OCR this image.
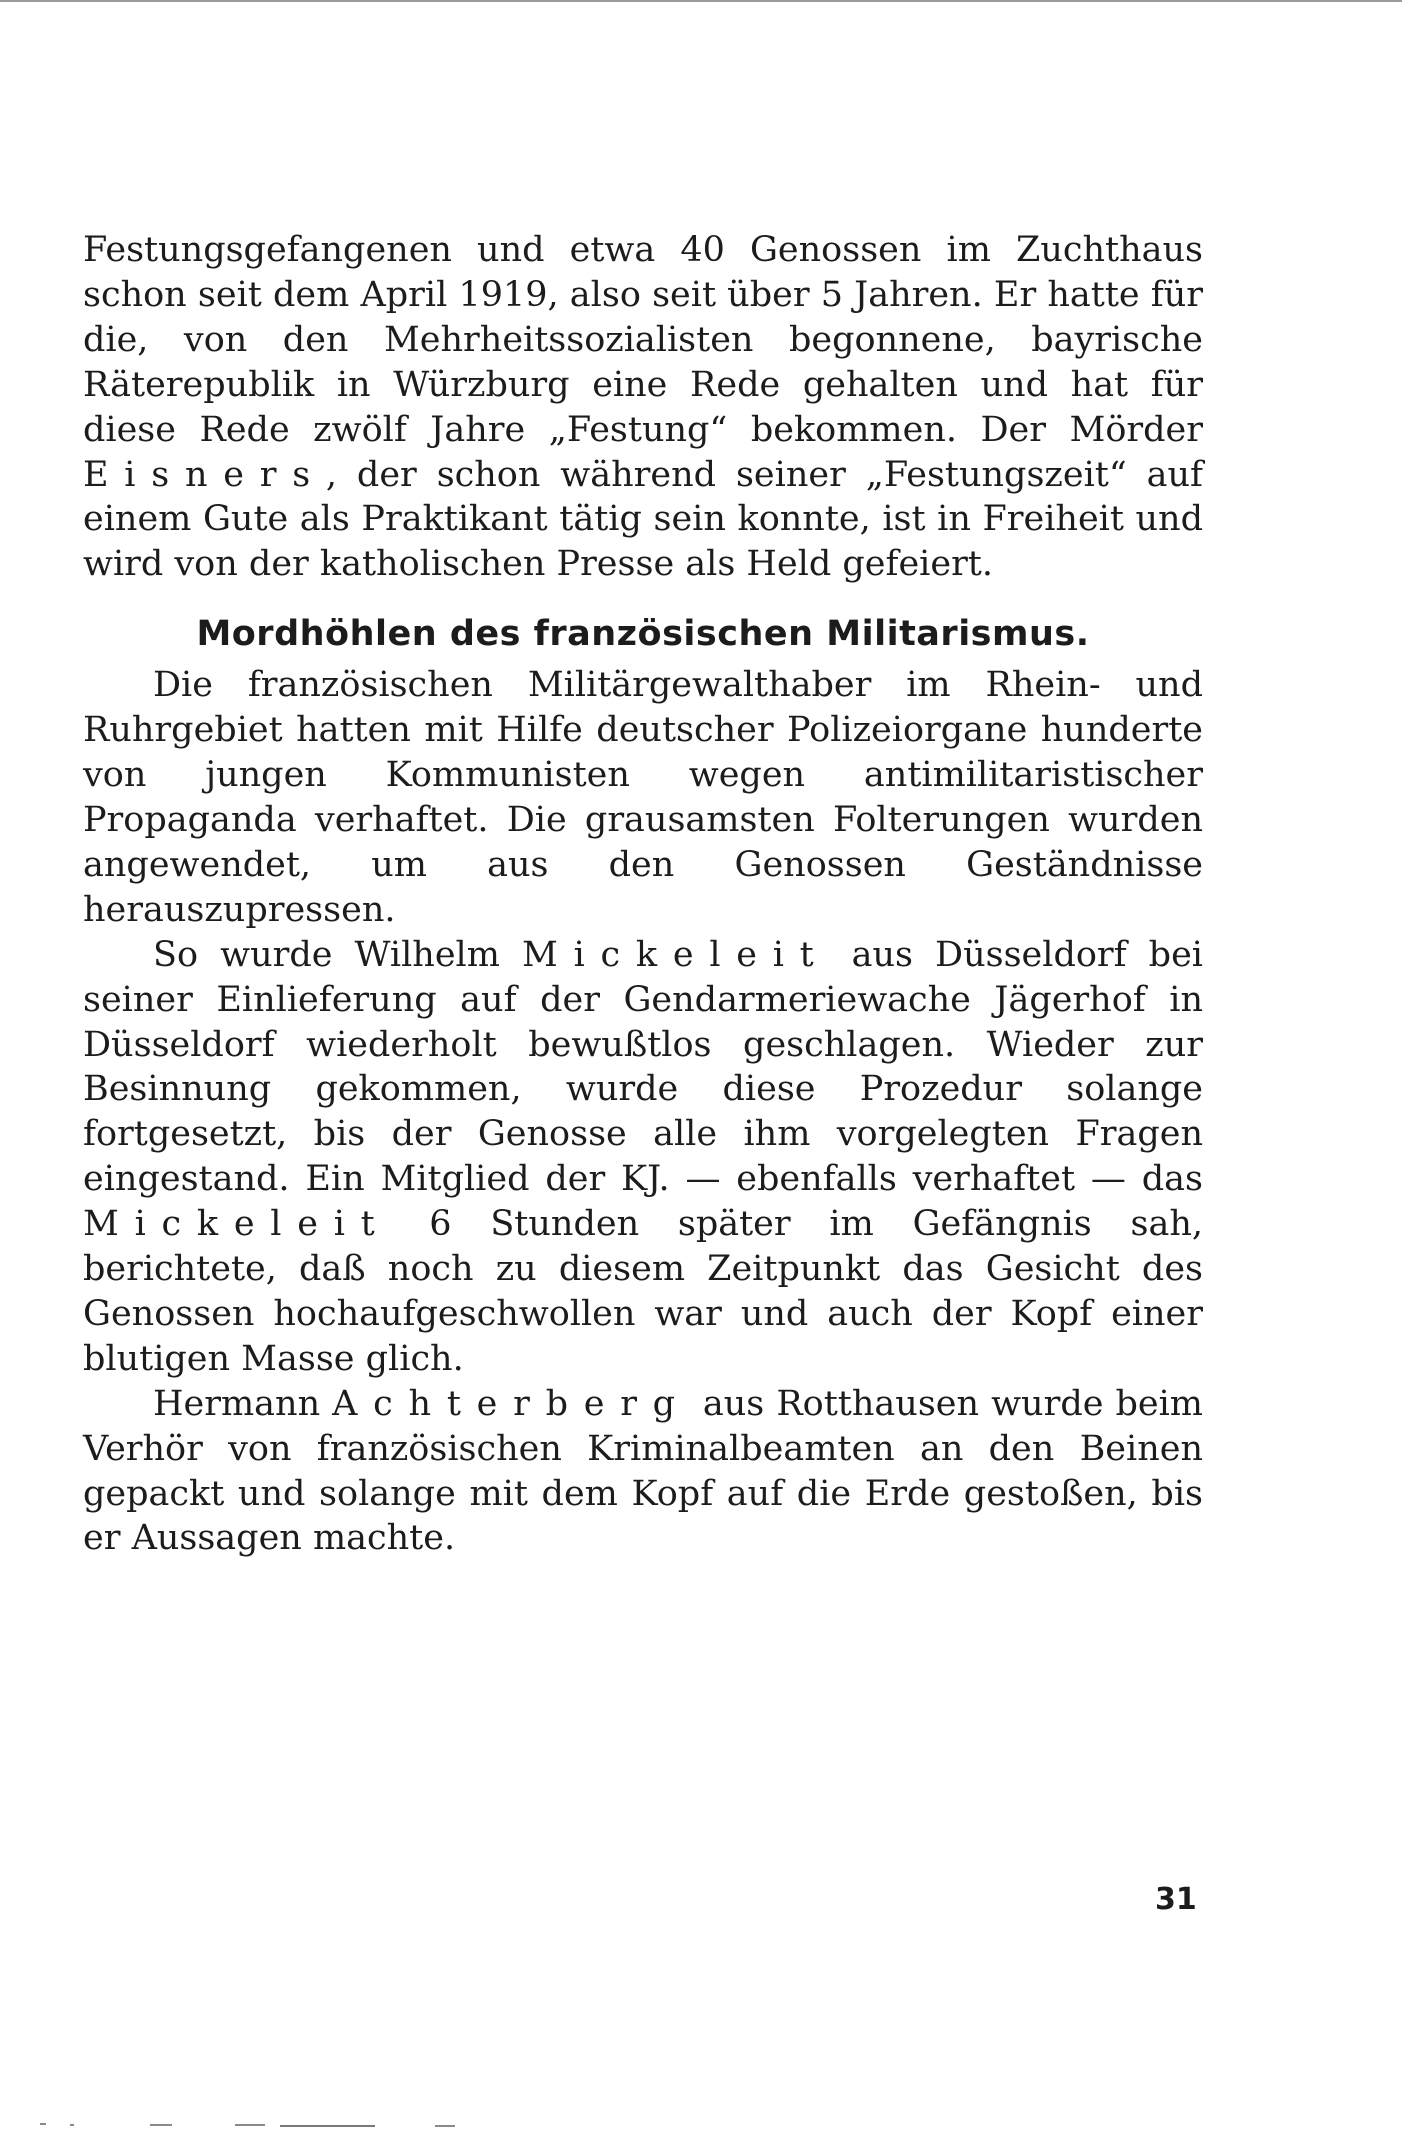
Festungsgefangenen und etwa 40 Genossen im Zuchthaus schon seit dem April 1919, also seit über 5 Jahren. Er hatte für die, von den Mehrheitssozialisten begonnene, bayrische Räterepublik in Würzburg eine Rede gehalten und hat für diese Rede zwölf Jahre „Festung“ bekommen. Der Mörder Eisners, der schon während seiner „Festungszeit“ auf einem Gute als Praktikant tätig sein konnte, ist in Freiheit und wird von der katholischen Presse als Held gefeiert.

Mordhöhlen des französischen Militarismus.

Die französischen Militärgewalthaber im Rhein- und Ruhrgebiet hatten mit Hilfe deutscher Polizeiorgane hunderte von jungen Kommunisten wegen antimilitaristischer Propaganda verhaftet. Die grausamsten Folterungen wurden angewendet, um aus den Genossen Geständnisse herauszupressen.

So wurde Wilhelm Mickeleit aus Düsseldorf bei seiner Einlieferung auf der Gendarmeriewache Jägerhof in Düsseldorf wiederholt bewußtlos geschlagen. Wieder zur Besinnung gekommen, wurde diese Prozedur solange fortgesetzt, bis der Genosse alle ihm vorgelegten Fragen eingestand. Ein Mitglied der KJ. — ebenfalls verhaftet — das Mickeleit 6 Stunden später im Gefängnis sah, berichtete, daß noch zu diesem Zeitpunkt das Gesicht des Genossen hochaufgeschwollen war und auch der Kopf einer blutigen Masse glich.

Hermann Achterberg aus Rotthausen wurde beim Verhör von französischen Kriminalbeamten an den Beinen gepackt und solange mit dem Kopf auf die Erde gestoßen, bis er Aussagen machte.

31
